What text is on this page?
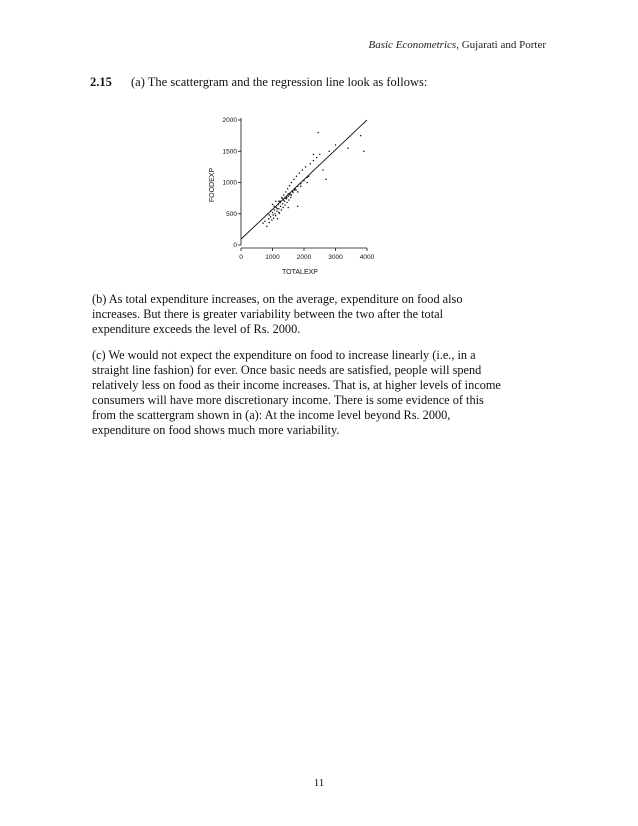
Basic Econometrics, Gujarati and Porter
2.15 (a) The scattergram and the regression line look as follows:
0
500
1000
1500
2000
0	1000	2000	3000	4000
TOTALEXP
FOODEXP

(b) As total expenditure increases, on the average, expenditure on food also
increases. But there is greater variability between the two after the total
expenditure exceeds the level of Rs. 2000.

(c) We would not expect the expenditure on food to increase linearly (i.e., in a
straight line fashion) for ever. Once basic needs are satisfied, people will spend
relatively less on food as their income increases. That is, at higher levels of income
consumers will have more discretionary income. There is some evidence of this
from the scattergram shown in (a): At the income level beyond Rs. 2000,
expenditure on food shows much more variability.

11
